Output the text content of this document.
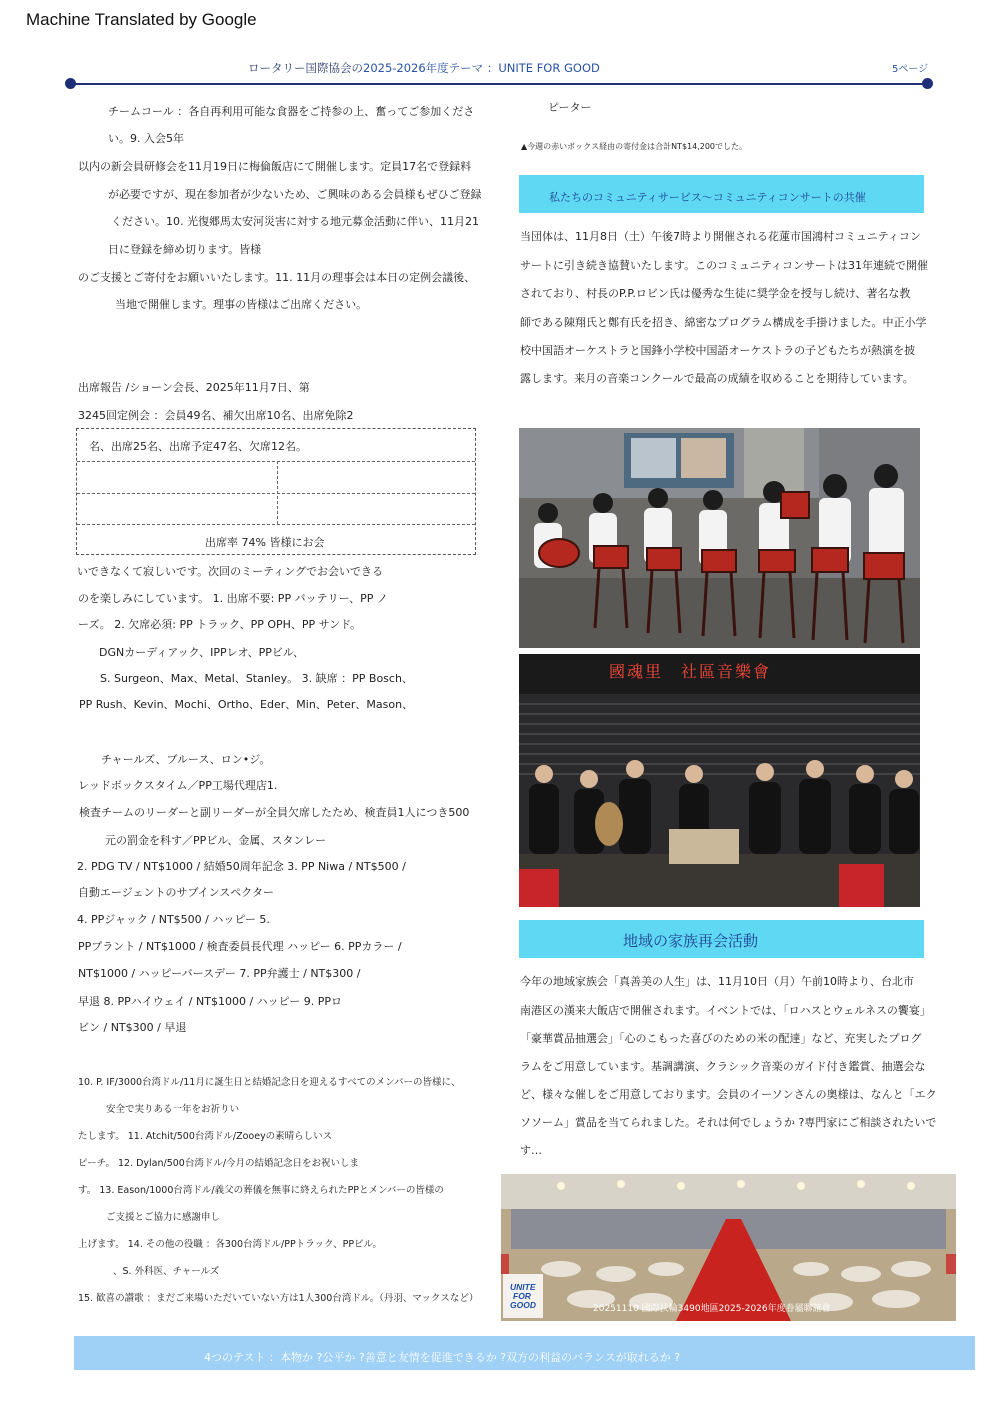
Machine Translated by Google
ロータリー国際協会の2025-2026年度テーマ ：UNITE FOR GOOD	5ページ
チームコール ：各自再利用可能な食器をご持参の上、奮ってご参加くださ
い。9. 入会5年
以内の新会員研修会を11月19日に梅倫飯店にて開催します。定員17名で登録料
が必要ですが、現在参加者が少ないため、ご興味のある会員様もぜひご登録
ください。10. 光復郷馬太安河災害に対する地元募金活動に伴い、11月21
日に登録を締め切ります。皆様
のご支援とご寄付をお願いいたします。11. 11月の理事会は本日の定例会議後、
当地で開催します。理事の皆様はご出席ください。
出席報告 /ショーン会長、2025年11月7日、第
3245回定例会 ：会員49名、補欠出席10名、出席免除2
名、出席25名、出席予定47名、欠席12名。
出席率 74% 皆様にお会
いできなくて寂しいです。次回のミーティングでお会いできる
のを楽しみにしています。 1. 出席不要: PP バッテリー、PP ノ
ーズ。 2. 欠席必須: PP トラック、PP OPH、PP サンド。
DGNカーディアック、IPPレオ、PPビル、
S. Surgeon、Max、Metal、Stanley。 3. 缺席 ：PP Bosch、
PP Rush、Kevin、Mochi、Ortho、Eder、Min、Peter、Mason、
チャールズ、ブルース、ロン•ジ。
レッドボックスタイム／PP工場代理店1.
検査チームのリーダーと副リーダーが全員欠席したため、検査員1人につき500
元の罰金を科す／PPビル、金属、スタンレー
2. PDG TV / NT$1000 / 結婚50周年記念 3. PP Niwa / NT$500 /
自動エージェントのサブインスペクター
4. PPジャック / NT$500 / ハッピー 5.
PPプラント / NT$1000 / 検査委員長代理 ハッピー 6. PPカラー /
NT$1000 / ハッピーバースデー 7. PP弁護士 / NT$300 /
早退 8. PPハイウェイ / NT$1000 / ハッピー 9. PPロ
ビン / NT$300 / 早退
10. P. IF/3000台湾ドル/11月に誕生日と結婚記念日を迎えるすべてのメンバーの皆様に、
安全で実りある一年をお祈りい
たします。 11. Atchit/500台湾ドル/Zooeyの素晴らしいス
ピーチ。 12. Dylan/500台湾ドル/今月の結婚記念日をお祝いしま
す。 13. Eason/1000台湾ドル/義父の葬儀を無事に終えられたPPとメンバーの皆様の
ご支援とご協力に感謝申し
上げます。 14. その他の役職 ：各300台湾ドル/PPトラック、PPビル。
、S. 外科医、チャールズ
15. 歓喜の讃歌 ：まだご来場いただいていない方は1人300台湾ドル。（丹羽、マックスなど）
ピーター
▲今週の赤いボックス経由の寄付金は合計NT$14,200でした。
私たちのコミュニティサービス～コミュニティコンサートの共催
当団体は、11月8日（土）午後7時より開催される花蓮市国鴻村コミュニティコン
サートに引き続き協賛いたします。このコミュニティコンサートは31年連続で開催
されており、村長のP.P.ロビン氏は優秀な生徒に奨学金を授与し続け、著名な教
師である陳翔氏と鄭有氏を招き、綿密なプログラム構成を手掛けました。中正小学
校中国語オーケストラと国鋒小学校中国語オーケストラの子どもたちが熱演を披
露します。来月の音楽コンクールで最高の成績を収めることを期待しています。
國魂里　社區音樂會
地域の家族再会活動
今年の地域家族会「真善美の人生」は、11月10日（月）午前10時より、台北市
南港区の漢来大飯店で開催されます。イベントでは、「ロハスとウェルネスの饗宴」
「豪華賞品抽選会」「心のこもった喜びのための米の配達」など、充実したプログ
ラムをご用意しています。基調講演、クラシック音楽のガイド付き鑑賞、抽選会な
ど、様々な催しをご用意しております。会員のイーソンさんの奥様は、なんと「エク
ソソーム」賞品を当てられました。それは何でしょうか ?専門家にご相談されたいで
す…
UNITE
FOR
GOOD	20251110 國際扶輪3490地區2025-2026年度眷屬聯誼會
4つのテスト ：本物か ?公平か ?善意と友情を促進できるか ?双方の利益のバランスが取れるか ?
